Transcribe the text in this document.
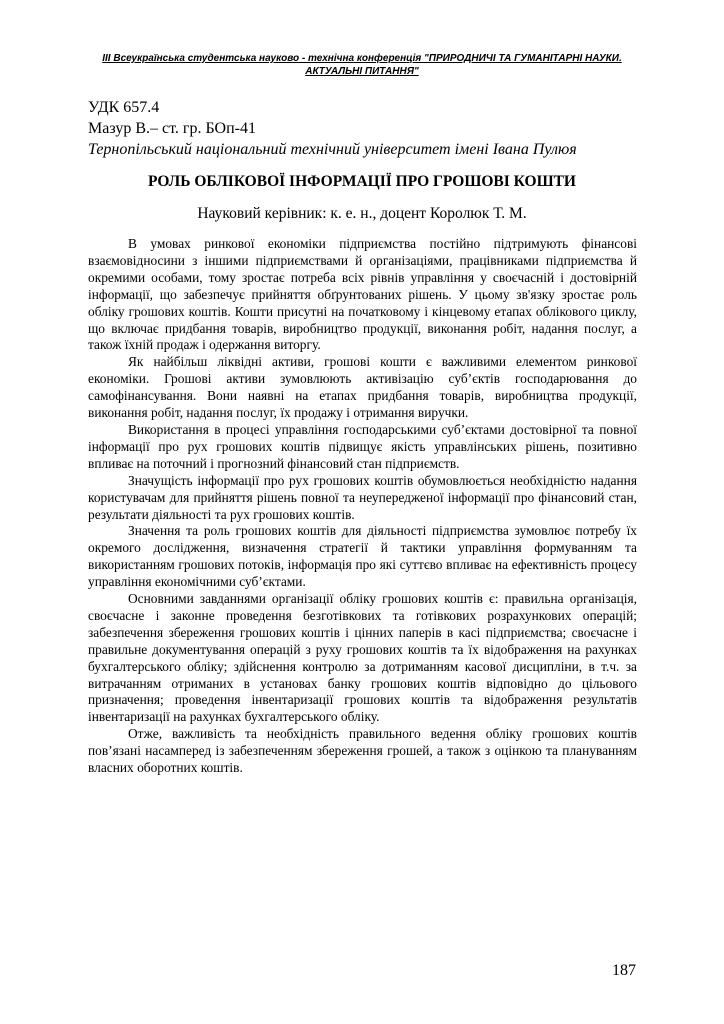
ІІІ Всеукраїнська студентська науково - технічна конференція "ПРИРОДНИЧІ ТА ГУМАНІТАРНІ НАУКИ.
АКТУАЛЬНІ ПИТАННЯ"
УДК 657.4
Мазур В.– ст. гр. БОп-41
Тернопільський національний технічний університет імені Івана Пулюя
РОЛЬ ОБЛІКОВОЇ ІНФОРМАЦІЇ ПРО ГРОШОВІ КОШТИ
Науковий керівник: к. е. н., доцент Королюк Т. М.

В умовах ринкової економіки підприємства постійно підтримують фінансові взаємовідносини з іншими підприємствами й організаціями, працівниками підприємства й окремими особами, тому зростає потреба всіх рівнів управління у своєчасній і достовірній інформації, що забезпечує прийняття обґрунтованих рішень. У цьому зв'язку зростає роль обліку грошових коштів. Кошти присутні на початковому і кінцевому етапах облікового циклу, що включає придбання товарів, виробництво продукції, виконання робіт, надання послуг, а також їхній продаж і одержання виторгу.

Як найбільш ліквідні активи, грошові кошти є важливими елементом ринкової економіки. Грошові активи зумовлюють активізацію суб’єктів господарювання до самофінансування. Вони наявні на етапах придбання товарів, виробництва продукції, виконання робіт, надання послуг, їх продажу і отримання виручки.

Використання в процесі управління господарськими суб’єктами достовірної та повної інформації про рух грошових коштів підвищує якість управлінських рішень, позитивно впливає на поточний і прогнозний фінансовий стан підприємств.

Значущість інформації про рух грошових коштів обумовлюється необхідністю надання користувачам для прийняття рішень повної та неупередженої інформації про фінансовий стан, результати діяльності та рух грошових коштів.

Значення та роль грошових коштів для діяльності підприємства зумовлює потребу їх окремого дослідження, визначення стратегії й тактики управління формуванням та використанням грошових потоків, інформація про які суттєво впливає на ефективність процесу управління економічними суб’єктами.

Основними завданнями організації обліку грошових коштів є: правильна організація, своєчасне і законне проведення безготівкових та готівкових розрахункових операцій; забезпечення збереження грошових коштів і цінних паперів в касі підприємства; своєчасне і правильне документування операцій з руху грошових коштів та їх відображення на рахунках бухгалтерського обліку; здійснення контролю за дотриманням касової дисципліни, в т.ч. за витрачанням отриманих в установах банку грошових коштів відповідно до цільового призначення; проведення інвентаризації грошових коштів та відображення результатів інвентаризації на рахунках бухгалтерського обліку.

Отже, важливість та необхідність правильного ведення обліку грошових коштів пов’язані насамперед із забезпеченням збереження грошей, а також з оцінкою та плануванням власних оборотних коштів.

187
